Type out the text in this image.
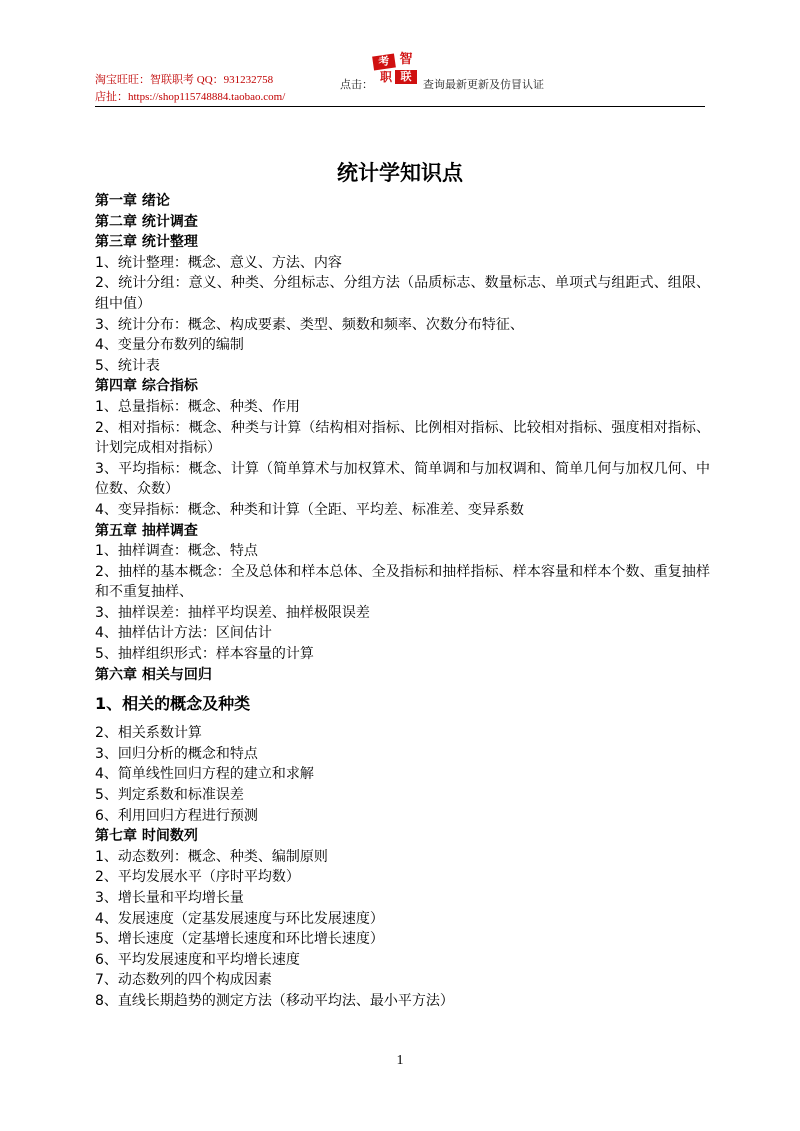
淘宝旺旺：智联职考 QQ：931232758
店扯：https://shop115748884.taobao.com/
点击：
考 智
职 联
查询最新更新及仿冒认证
统计学知识点
第一章 绪论
第二章 统计调查
第三章 统计整理
1、统计整理：概念、意义、方法、内容
2、统计分组：意义、种类、分组标志、分组方法（品质标志、数量标志、单项式与组距式、组限、组中值）
3、统计分布：概念、构成要素、类型、频数和频率、次数分布特征、
4、变量分布数列的编制
5、统计表
第四章 综合指标
1、总量指标：概念、种类、作用
2、相对指标：概念、种类与计算（结构相对指标、比例相对指标、比较相对指标、强度相对指标、计划完成相对指标）
3、平均指标：概念、计算（简单算术与加权算术、简单调和与加权调和、简单几何与加权几何、中位数、众数）
4、变异指标：概念、种类和计算（全距、平均差、标准差、变异系数
第五章 抽样调查
1、抽样调查：概念、特点
2、抽样的基本概念：全及总体和样本总体、全及指标和抽样指标、样本容量和样本个数、重复抽样和不重复抽样、
3、抽样误差：抽样平均误差、抽样极限误差
4、抽样估计方法：区间估计
5、抽样组织形式：样本容量的计算
第六章 相关与回归
1、相关的概念及种类
2、相关系数计算
3、回归分析的概念和特点
4、简单线性回归方程的建立和求解
5、判定系数和标准误差
6、利用回归方程进行预测
第七章 时间数列
1、动态数列：概念、种类、编制原则
2、平均发展水平（序时平均数）
3、增长量和平均增长量
4、发展速度（定基发展速度与环比发展速度）
5、增长速度（定基增长速度和环比增长速度）
6、平均发展速度和平均增长速度
7、动态数列的四个构成因素
8、直线长期趋势的测定方法（移动平均法、最小平方法）
1
